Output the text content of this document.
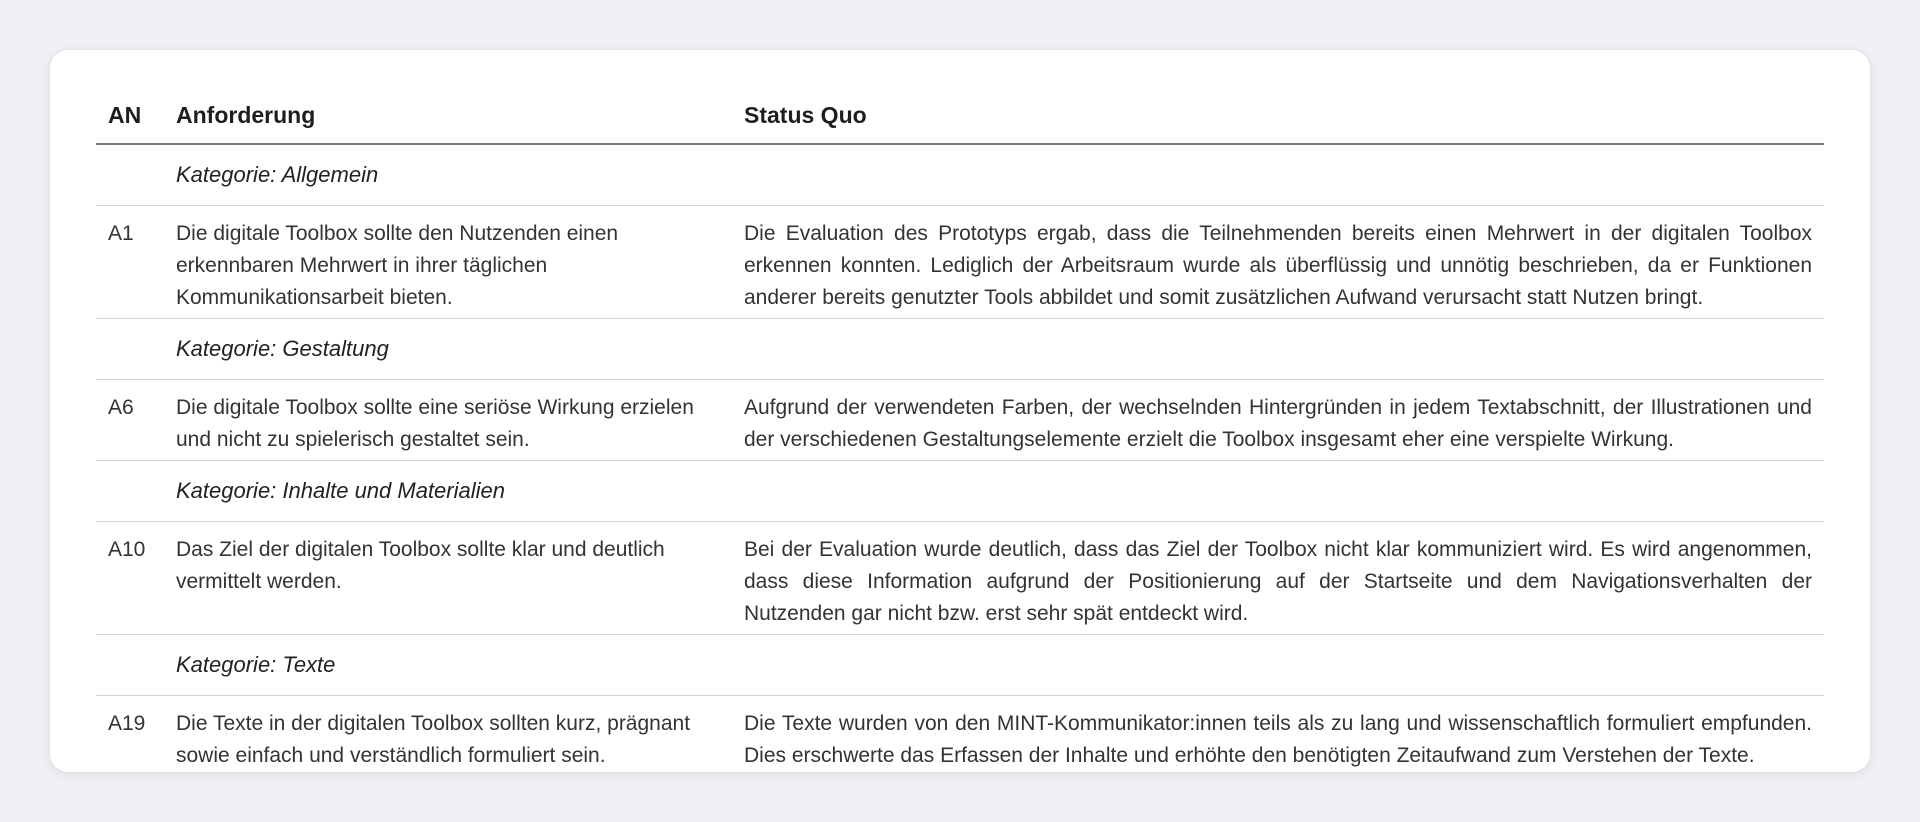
AN	Anforderung	Status Quo
	Kategorie: Allgemein	
A1	Die digitale Toolbox sollte den Nutzenden einen erkennbaren Mehrwert in ihrer täglichen Kommunikationsarbeit bieten.	Die Evaluation des Prototyps ergab, dass die Teilnehmenden bereits einen Mehrwert in der digitalen Toolbox erkennen konnten. Lediglich der Arbeitsraum wurde als überflüssig und unnötig beschrieben, da er Funktionen anderer bereits genutzter Tools abbildet und somit zusätzlichen Aufwand verursacht statt Nutzen bringt.
	Kategorie: Gestaltung	
A6	Die digitale Toolbox sollte eine seriöse Wirkung erzielen und nicht zu spielerisch gestaltet sein.	Aufgrund der verwendeten Farben, der wechselnden Hintergründen in jedem Textabschnitt, der Illustrationen und der verschiedenen Gestaltungselemente erzielt die Toolbox insgesamt eher eine verspielte Wirkung.
	Kategorie: Inhalte und Materialien	
A10	Das Ziel der digitalen Toolbox sollte klar und deutlich vermittelt werden.	Bei der Evaluation wurde deutlich, dass das Ziel der Toolbox nicht klar kommuniziert wird. Es wird angenommen, dass diese Information aufgrund der Positionierung auf der Startseite und dem Navigationsverhalten der Nutzenden gar nicht bzw. erst sehr spät entdeckt wird.
	Kategorie: Texte	
A19	Die Texte in der digitalen Toolbox sollten kurz, prägnant sowie einfach und verständlich formuliert sein.	Die Texte wurden von den MINT-Kommunikator:innen teils als zu lang und wissenschaftlich formuliert empfunden. Dies erschwerte das Erfassen der Inhalte und erhöhte den benötigten Zeitaufwand zum Verstehen der Texte.
